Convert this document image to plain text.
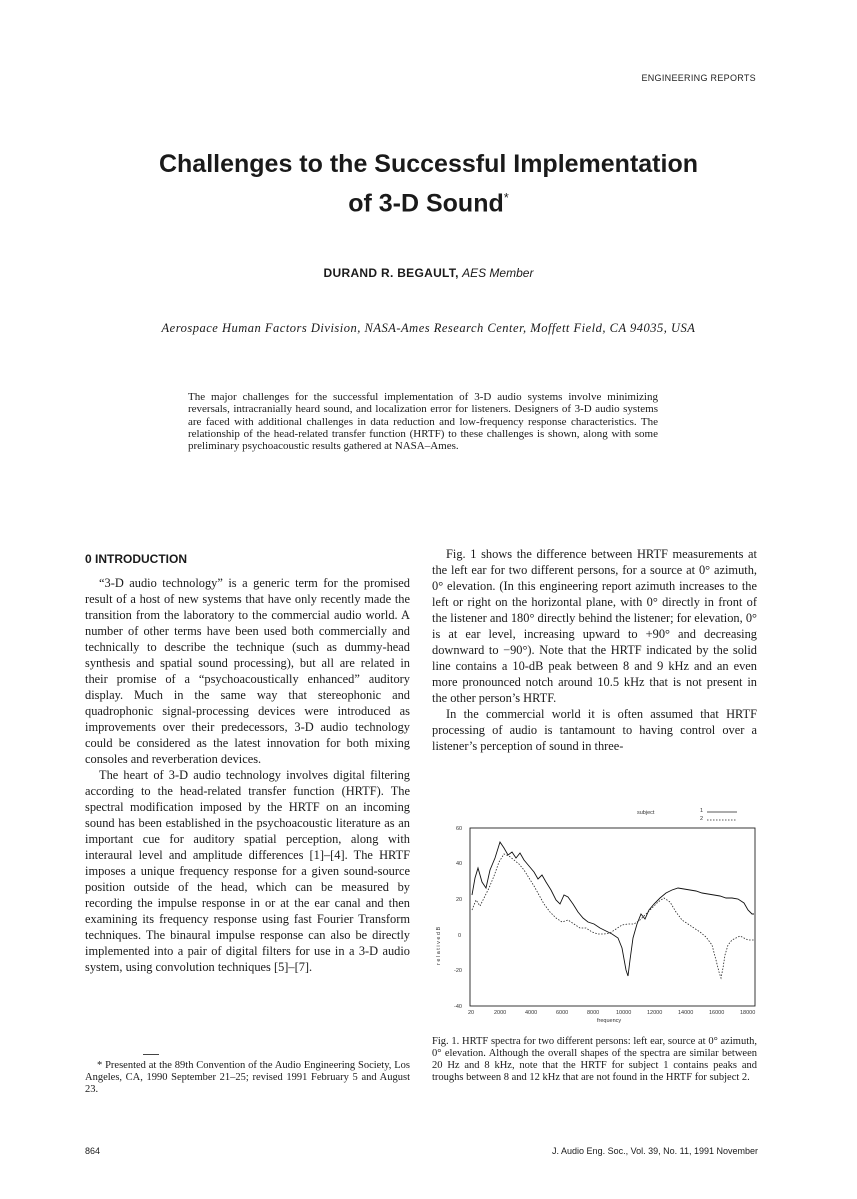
ENGINEERING REPORTS
Challenges to the Successful Implementation
of 3-D Sound*
DURAND R. BEGAULT, AES Member
Aerospace Human Factors Division, NASA-Ames Research Center, Moffett Field, CA 94035, USA
The major challenges for the successful implementation of 3-D audio systems involve minimizing reversals, intracranially heard sound, and localization error for listeners. Designers of 3-D audio systems are faced with additional challenges in data reduction and low-frequency response characteristics. The relationship of the head-related transfer function (HRTF) to these challenges is shown, along with some preliminary psychoacoustic results gathered at NASA–Ames.
0 INTRODUCTION

“3-D audio technology” is a generic term for the promised result of a host of new systems that have only recently made the transition from the laboratory to the commercial audio world. A number of other terms have been used both commercially and technically to describe the technique (such as dummy-head synthesis and spatial sound processing), but all are related in their promise of a “psychoacoustically enhanced” auditory display. Much in the same way that stereophonic and quadrophonic signal-processing devices were introduced as improvements over their predecessors, 3-D audio technology could be considered as the latest innovation for both mixing consoles and reverberation devices.

The heart of 3-D audio technology involves digital filtering according to the head-related transfer function (HRTF). The spectral modification imposed by the HRTF on an incoming sound has been established in the psychoacoustic literature as an important cue for auditory spatial perception, along with interaural level and amplitude differences [1]–[4]. The HRTF imposes a unique frequency response for a given sound-source position outside of the head, which can be measured by recording the impulse response in or at the ear canal and then examining its frequency response using fast Fourier Transform techniques. The binaural impulse response can also be directly implemented into a pair of digital filters for use in a 3-D audio system, using convolution techniques [5]–[7].

Fig. 1 shows the difference between HRTF measurements at the left ear for two different persons, for a source at 0° azimuth, 0° elevation. (In this engineering report azimuth increases to the left or right on the horizontal plane, with 0° directly in front of the listener and 180° directly behind the listener; for elevation, 0° is at ear level, increasing upward to +90° and decreasing downward to −90°). Note that the HRTF indicated by the solid line contains a 10-dB peak between 8 and 9 kHz and an even more pronounced notch around 10.5 kHz that is not present in the other person’s HRTF.

In the commercial world it is often assumed that HRTF processing of audio is tantamount to having control over a listener’s perception of sound in three-

subject	1
2
r e l a t i v e d B
60
40
20
0
-20
-40
20	2000	4000	6000	8000	10000	12000	14000	16000	18000
frequency

Fig. 1. HRTF spectra for two different persons: left ear, source at 0° azimuth, 0° elevation. Although the overall shapes of the spectra are similar between 20 Hz and 8 kHz, note that the HRTF for subject 1 contains peaks and troughs between 8 and 12 kHz that are not found in the HRTF for subject 2.

* Presented at the 89th Convention of the Audio Engineering Society, Los Angeles, CA, 1990 September 21–25; revised 1991 February 5 and August 23.

864	J. Audio Eng. Soc., Vol. 39, No. 11, 1991 November
